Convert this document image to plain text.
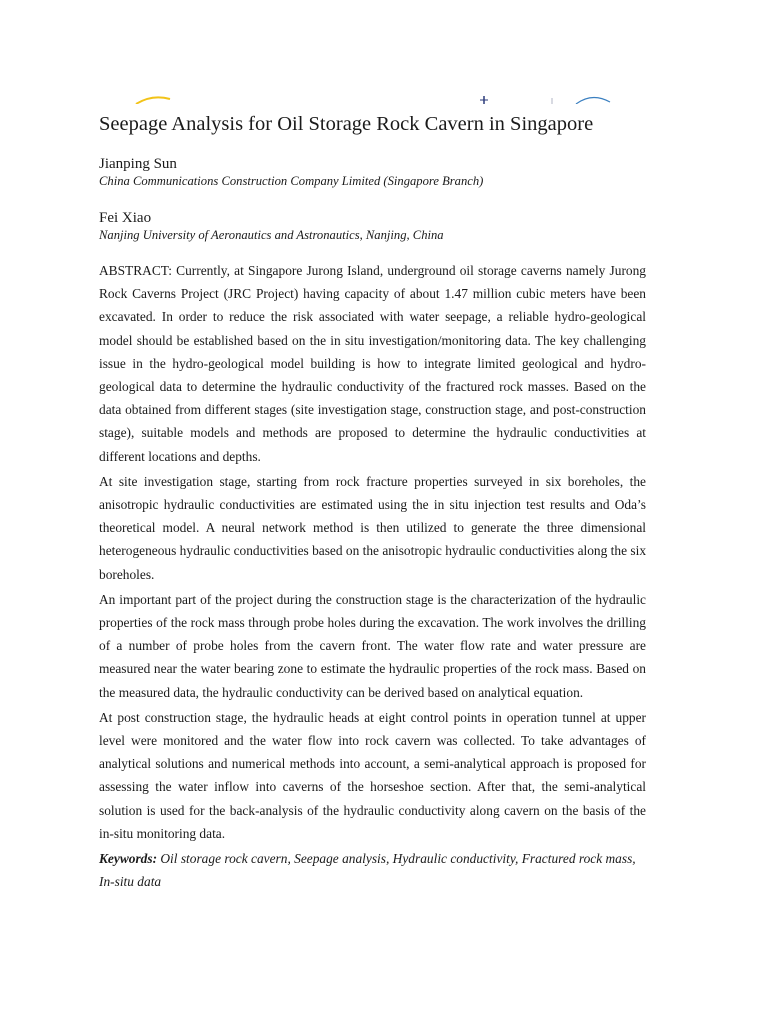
Seepage Analysis for Oil Storage Rock Cavern in Singapore
Jianping Sun
China Communications Construction Company Limited (Singapore Branch)
Fei Xiao
Nanjing University of Aeronautics and Astronautics, Nanjing, China

ABSTRACT: Currently, at Singapore Jurong Island, underground oil storage caverns namely Jurong Rock Caverns Project (JRC Project) having capacity of about 1.47 million cubic meters have been excavated. In order to reduce the risk associated with water seepage, a reliable hydro-geological model should be established based on the in situ investigation/monitoring data. The key challenging issue in the hydro-geological model building is how to integrate limited geological and hydro-geological data to determine the hydraulic conductivity of the fractured rock masses. Based on the data obtained from different stages (site investigation stage, construction stage, and post-construction stage), suitable models and methods are proposed to determine the hydraulic conductivities at different locations and depths.

At site investigation stage, starting from rock fracture properties surveyed in six boreholes, the anisotropic hydraulic conductivities are estimated using the in situ injection test results and Oda’s theoretical model. A neural network method is then utilized to generate the three dimensional heterogeneous hydraulic conductivities based on the anisotropic hydraulic conductivities along the six boreholes.

An important part of the project during the construction stage is the characterization of the hydraulic properties of the rock mass through probe holes during the excavation. The work involves the drilling of a number of probe holes from the cavern front. The water flow rate and water pressure are measured near the water bearing zone to estimate the hydraulic properties of the rock mass. Based on the measured data, the hydraulic conductivity can be derived based on analytical equation.

At post construction stage, the hydraulic heads at eight control points in operation tunnel at upper level were monitored and the water flow into rock cavern was collected. To take advantages of analytical solutions and numerical methods into account, a semi-analytical approach is proposed for assessing the water inflow into caverns of the horseshoe section. After that, the semi-analytical solution is used for the back-analysis of the hydraulic conductivity along cavern on the basis of the in-situ monitoring data.

Keywords: Oil storage rock cavern, Seepage analysis, Hydraulic conductivity, Fractured rock mass, In-situ data
